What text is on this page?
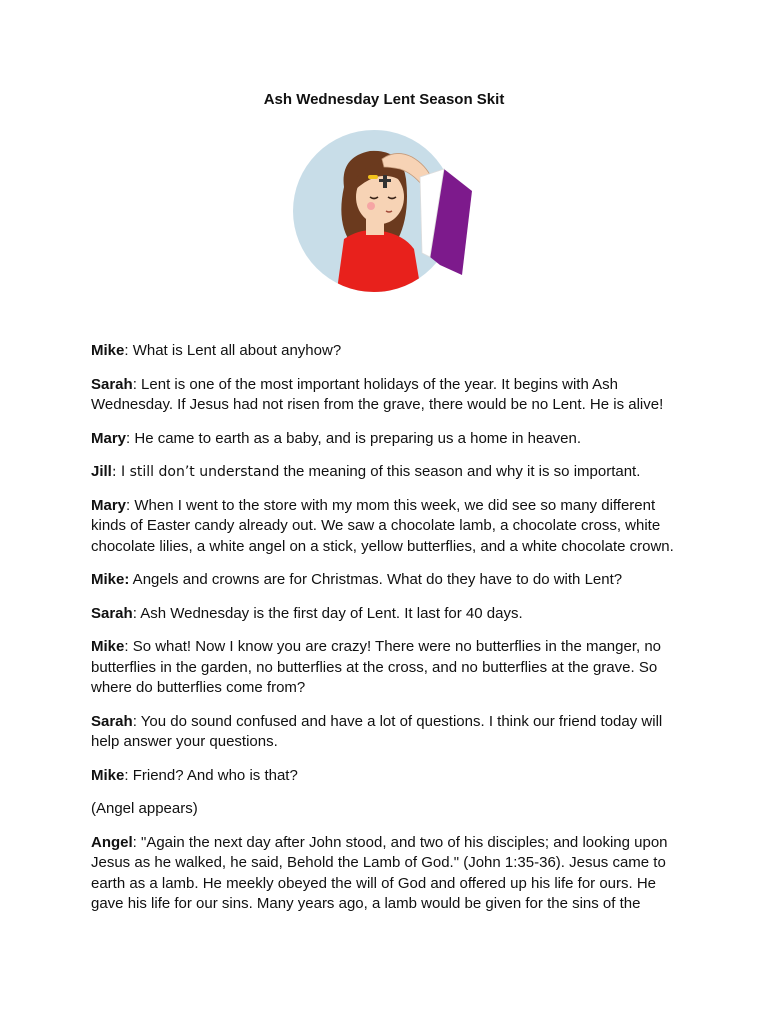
Ash Wednesday Lent Season Skit

Mike: What is Lent all about anyhow?

Sarah: Lent is one of the most important holidays of the year. It begins with Ash Wednesday. If Jesus had not risen from the grave, there would be no Lent. He is alive!

Mary: He came to earth as a baby, and is preparing us a home in heaven.

Jill: I still don’t understand the meaning of this season and why it is so important.

Mary: When I went to the store with my mom this week, we did see so many different kinds of Easter candy already out. We saw a chocolate lamb, a chocolate cross, white chocolate lilies, a white angel on a stick, yellow butterflies, and a white chocolate crown.

Mike: Angels and crowns are for Christmas. What do they have to do with Lent?

Sarah: Ash Wednesday is the first day of Lent. It last for 40 days.

Mike: So what! Now I know you are crazy! There were no butterflies in the manger, no butterflies in the garden, no butterflies at the cross, and no butterflies at the grave. So where do butterflies come from?

Sarah: You do sound confused and have a lot of questions. I think our friend today will help answer your questions.

Mike: Friend? And who is that?

(Angel appears)

Angel: "Again the next day after John stood, and two of his disciples; and looking upon Jesus as he walked, he said, Behold the Lamb of God." (John 1:35-36). Jesus came to earth as a lamb. He meekly obeyed the will of God and offered up his life for ours. He gave his life for our sins. Many years ago, a lamb would be given for the sins of the
